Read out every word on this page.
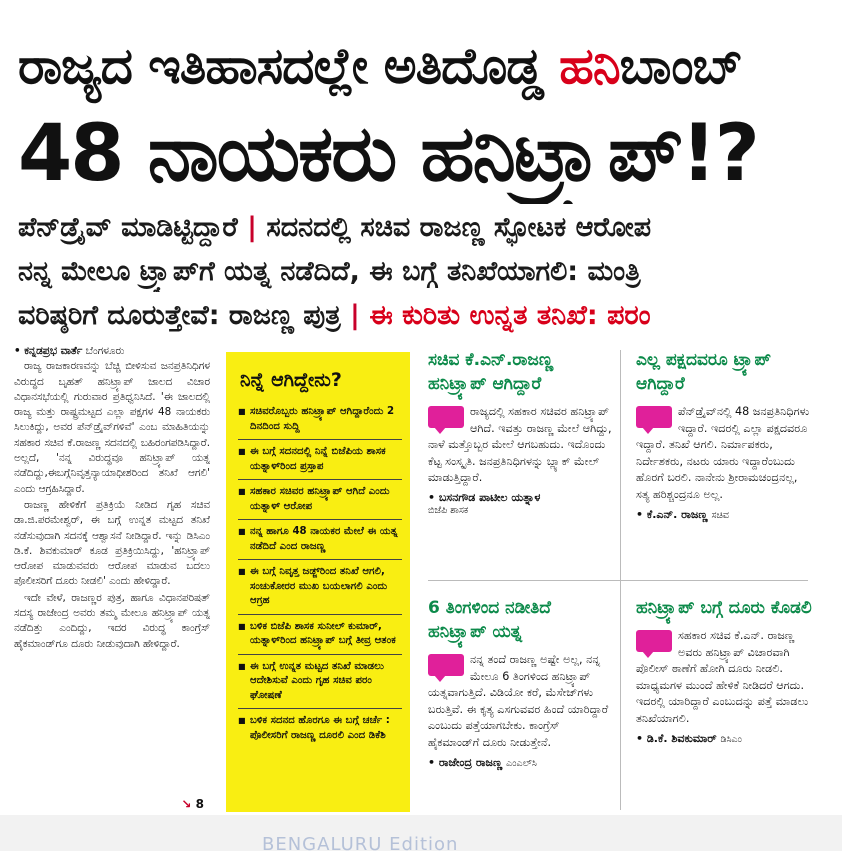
ರಾಜ್ಯದ ಇತಿಹಾಸದಲ್ಲೇ ಅತಿದೊಡ್ಡ ಹನಿಬಾಂಬ್
48 ನಾಯಕರು ಹನಿಟ್ರ್ಯಾಪ್!?
ಪೆನ್‌ಡ್ರೈವ್ ಮಾಡಿಟ್ಟಿದ್ದಾರೆ | ಸದನದಲ್ಲಿ ಸಚಿವ ರಾಜಣ್ಣ ಸ್ಫೋಟಕ ಆರೋಪ
ನನ್ನ ಮೇಲೂ ಟ್ರ್ಯಾಪ್‌ಗೆ ಯತ್ನ ನಡೆದಿದೆ, ಈ ಬಗ್ಗೆ ತನಿಖೆಯಾಗಲಿ: ಮಂತ್ರಿ
ವರಿಷ್ಠರಿಗೆ ದೂರುತ್ತೇವೆ: ರಾಜಣ್ಣ ಪುತ್ರ | ಈ ಕುರಿತು ಉನ್ನತ ತನಿಖೆ: ಪರಂ
• ಕನ್ನಡಪ್ರಭ ವಾರ್ತೆ ಬೆಂಗಳೂರು

ರಾಜ್ಯ ರಾಜಕಾರಣವನ್ನು ಬೆಚ್ಚಿ ಬೀಳಿಸುವ ಜನಪ್ರತಿನಿಧಿಗಳ ವಿರುದ್ಧದ ಬೃಹತ್ ಹನಿಟ್ರ್ಯಾಪ್ ಜಾಲದ ವಿಚಾರ ವಿಧಾನಸಭೆಯಲ್ಲಿ ಗುರುವಾರ ಪ್ರತಿಧ್ವನಿಸಿದೆ. 'ಈ ಜಾಲದಲ್ಲಿ ರಾಜ್ಯ ಮತ್ತು ರಾಷ್ಟ್ರಮಟ್ಟದ ಎಲ್ಲಾ ಪಕ್ಷಗಳ 48 ನಾಯಕರು ಸಿಲುಕಿದ್ದು, ಅವರ ಪೆನ್‌ಡ್ರೈವ್‌ಗಳಿವೆ' ಎಂಬ ಮಾಹಿತಿಯನ್ನು ಸಹಕಾರ ಸಚಿವ ಕೆ.ರಾಜಣ್ಣ ಸದನದಲ್ಲಿ ಬಹಿರಂಗಪಡಿಸಿದ್ದಾರೆ. ಅಲ್ಲದೆ, 'ನನ್ನ ವಿರುದ್ಧವೂ ಹನಿಟ್ರ್ಯಾಪ್ ಯತ್ನ ನಡೆದಿದ್ದು,ಈಬಗ್ಗೆನಿವೃತ್ತನ್ಯಾಯಾಧೀಶರಿಂದ ತನಿಖೆ ಆಗಲಿ' ಎಂದು ಆಗ್ರಹಿಸಿದ್ದಾರೆ.

ರಾಜಣ್ಣ ಹೇಳಿಕೆಗೆ ಪ್ರತಿಕ್ರಿಯೆ ನೀಡಿದ ಗೃಹ ಸಚಿವ ಡಾ.ಜಿ.ಪರಮೇಶ್ವರ್, ಈ ಬಗ್ಗೆ ಉನ್ನತ ಮಟ್ಟದ ತನಿಖೆ ನಡೆಸುವುದಾಗಿ ಸದನಕ್ಕೆ ಆಶ್ವಾಸನೆ ನೀಡಿದ್ದಾರೆ. ಇನ್ನು ಡಿಸಿಎಂ ಡಿ.ಕೆ. ಶಿವಕುಮಾರ್ ಕೂಡ ಪ್ರತಿಕ್ರಿಯಿಸಿದ್ದು, 'ಹನಿಟ್ರ್ಯಾಪ್ ಆರೋಪ ಮಾಡುವವರು ಆರೋಪ ಮಾಡುವ ಬದಲು ಪೊಲೀಸರಿಗೆ ದೂರು ನೀಡಲಿ' ಎಂದು ಹೇಳಿದ್ದಾರೆ.

ಇದೇ ವೇಳೆ, ರಾಜಣ್ಣರ ಪುತ್ರ, ಹಾಗೂ ವಿಧಾನಪರಿಷತ್ ಸದಸ್ಯ ರಾಜೇಂದ್ರ ಅವರು ತಮ್ಮ ಮೇಲೂ ಹನಿಟ್ರ್ಯಾಪ್ ಯತ್ನ ನಡೆದಿತ್ತು ಎಂದಿದ್ದು, ಇದರ ವಿರುದ್ಧ ಕಾಂಗ್ರೆಸ್ ಹೈಕಮಾಂಡ್‌ಗೂ ದೂರು ನೀಡುವುದಾಗಿ ಹೇಳಿದ್ದಾರೆ.

↘ 8
ನಿನ್ನೆ ಆಗಿದ್ದೇನು?
■ ಸಚಿವರೊಬ್ಬರು ಹನಿಟ್ರ್ಯಾಪ್ ಆಗಿದ್ದಾರೆಂದು 2 ದಿನದಿಂದ ಸುದ್ದಿ
■ ಈ ಬಗ್ಗೆ ಸದನದಲ್ಲಿ ನಿನ್ನೆ ಬಿಜೆಪಿಯ ಶಾಸಕ ಯತ್ನಾಳ್‌ರಿಂದ ಪ್ರಸ್ತಾಪ
■ ಸಹಕಾರ ಸಚಿವರ ಹನಿಟ್ರ್ಯಾಪ್ ಆಗಿದೆ ಎಂದು ಯತ್ನಾಳ್ ಆರೋಪ
■ ನನ್ನ ಹಾಗೂ 48 ನಾಯಕರ ಮೇಲೆ ಈ ಯತ್ನ ನಡೆದಿದೆ ಎಂದ ರಾಜಣ್ಣ
■ ಈ ಬಗ್ಗೆ ನಿವೃತ್ತ ಜಡ್ಜ್‌ರಿಂದ ತನಿಖೆ ಆಗಲಿ, ಸಂಚುಕೋರರ ಮುಖ ಬಯಲಾಗಲಿ ಎಂದು ಆಗ್ರಹ
■ ಬಳಿಕ ಬಿಜೆಪಿ ಶಾಸಕ ಸುನೀಲ್ ಕುಮಾರ್, ಯತ್ನಾಳ್‌ರಿಂದ ಹನಿಟ್ರ್ಯಾಪ್ ಬಗ್ಗೆ ತೀವ್ರ ಆತಂಕ
■ ಈ ಬಗ್ಗೆ ಉನ್ನತ ಮಟ್ಟದ ತನಿಖೆ ಮಾಡಲು ಆದೇಶಿಸುವೆ ಎಂದು ಗೃಹ ಸಚಿವ ಪರಂ ಘೋಷಣೆ
■ ಬಳಿಕ ಸದನದ ಹೊರಗೂ ಈ ಬಗ್ಗೆ ಚರ್ಚೆ : ಪೊಲೀಸರಿಗೆ ರಾಜಣ್ಣ ದೂರಲಿ ಎಂದ ಡಿಕೆಶಿ
ಸಚಿವ ಕೆ.ಎನ್.ರಾಜಣ್ಣ ಹನಿಟ್ರ್ಯಾಪ್ ಆಗಿದ್ದಾರೆ
ರಾಜ್ಯದಲ್ಲಿ ಸಹಕಾರ ಸಚಿವರ ಹನಿಟ್ರ್ಯಾಪ್ ಆಗಿದೆ. ಇವತ್ತು ರಾಜಣ್ಣ ಮೇಲೆ ಆಗಿದ್ದು, ನಾಳೆ ಮತ್ತೊಬ್ಬರ ಮೇಲೆ ಆಗಬಹುದು. ಇದೊಂದು ಕೆಟ್ಟ ಸಂಸ್ಕೃತಿ. ಜನಪ್ರತಿನಿಧಿಗಳನ್ನು ಬ್ಲ್ಯಾಕ್ ಮೇಲ್ ಮಾಡುತ್ತಿದ್ದಾರೆ.
• ಬಸನಗೌಡ ಪಾಟೀಲ ಯತ್ನಾಳ
ಬಿಜೆಪಿ ಶಾಸಕ
ಎಲ್ಲ ಪಕ್ಷದವರೂ ಟ್ರ್ಯಾಪ್ ಆಗಿದ್ದಾರೆ
ಪೆನ್‌ಡ್ರೈವ್‌ನಲ್ಲಿ 48 ಜನಪ್ರತಿನಿಧಿಗಳು ಇದ್ದಾರೆ. ಇದರಲ್ಲಿ ಎಲ್ಲಾ ಪಕ್ಷದವರೂ ಇದ್ದಾರೆ. ತನಿಖೆ ಆಗಲಿ. ನಿರ್ಮಾಪಕರು, ನಿರ್ದೇಶಕರು, ನಟರು ಯಾರು ಇದ್ದಾರೆಂಬುದು ಹೊರಗೆ ಬರಲಿ. ನಾನೇನು ಶ್ರೀರಾಮಚಂದ್ರನಲ್ಲ, ಸತ್ಯ ಹರಿಶ್ಚಂದ್ರನೂ ಅಲ್ಲ.
• ಕೆ.ಎನ್. ರಾಜಣ್ಣ ಸಚಿವ
6 ತಿಂಗಳಿಂದ ನಡೀತಿದೆ ಹನಿಟ್ರ್ಯಾಪ್ ಯತ್ನ
ನನ್ನ ತಂದೆ ರಾಜಣ್ಣ ಅಷ್ಟೇ ಅಲ್ಲ, ನನ್ನ ಮೇಲೂ 6 ತಿಂಗಳಿಂದ ಹನಿಟ್ರ್ಯಾಪ್ ಯತ್ನವಾಗುತ್ತಿದೆ. ವಿಡಿಯೋ ಕರೆ, ಮೆಸೇಜ್‌ಗಳು ಬರುತ್ತಿವೆ. ಈ ಕೃತ್ಯ ಎಸಗುವವರ ಹಿಂದೆ ಯಾರಿದ್ದಾರೆ ಎಂಬುದು ಪತ್ತೆಯಾಗಬೇಕು. ಕಾಂಗ್ರೆಸ್ ಹೈಕಮಾಂಡ್‌ಗೆ ದೂರು ನೀಡುತ್ತೇನೆ.
• ರಾಜೇಂದ್ರ ರಾಜಣ್ಣ ಎಂಎಲ್‌ಸಿ
ಹನಿಟ್ರ್ಯಾಪ್ ಬಗ್ಗೆ ದೂರು ಕೊಡಲಿ
ಸಹಕಾರ ಸಚಿವ ಕೆ.ಎನ್. ರಾಜಣ್ಣ ಅವರು ಹನಿಟ್ರ್ಯಾಪ್ ವಿಚಾರವಾಗಿ ಪೊಲೀಸ್ ಠಾಣೆಗೆ ಹೋಗಿ ದೂರು ನೀಡಲಿ. ಮಾಧ್ಯಮಗಳ ಮುಂದೆ ಹೇಳಿಕೆ ನೀಡಿದರೆ ಆಗದು. ಇದರಲ್ಲಿ ಯಾರಿದ್ದಾರೆ ಎಂಬುದನ್ನು ಪತ್ತೆ ಮಾಡಲು ತನಿಖೆಯಾಗಲಿ.
• ಡಿ.ಕೆ. ಶಿವಕುಮಾರ್ ಡಿಸಿಎಂ
BENGALURU Edition
